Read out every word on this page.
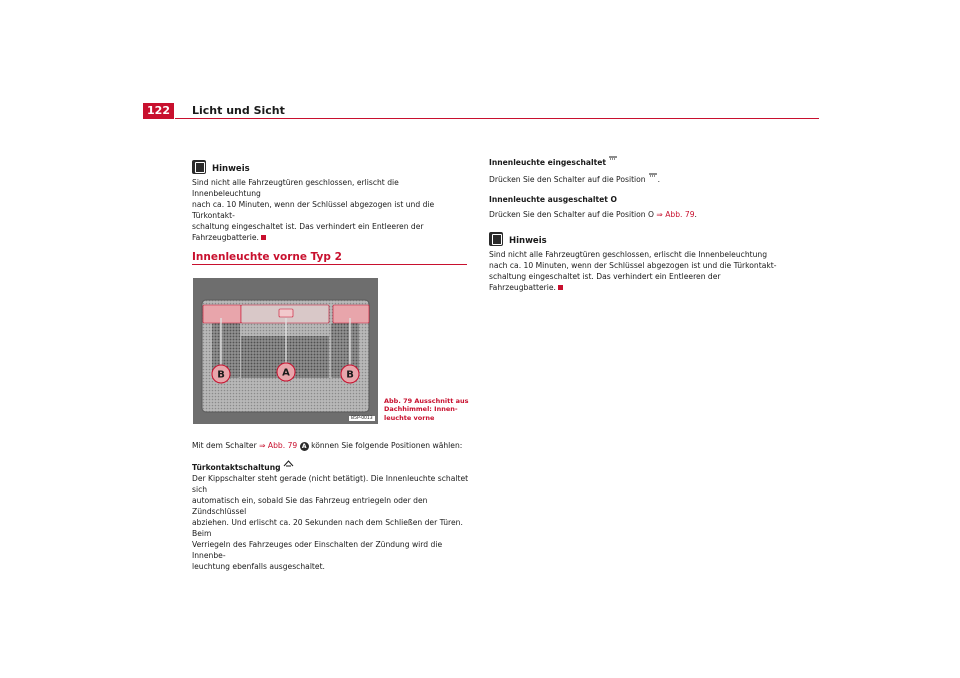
122	Licht und Sicht
Hinweis

Sind nicht alle Fahrzeugtüren geschlossen, erlischt die Innenbeleuchtung

nach ca. 10 Minuten, wenn der Schlüssel abgezogen ist und die Türkontakt-

schaltung eingeschaltet ist. Das verhindert ein Entleeren der

Fahrzeugbatterie.

Innenleuchte vorne Typ 2
B	A	B
B5P-0013
Abb. 79 Ausschnitt aus
Dachhimmel: Innen-
leuchte vorne

Mit dem Schalter ⇒ Abb. 79 A können Sie folgende Positionen wählen:

Türkontaktschaltung

Der Kippschalter steht gerade (nicht betätigt). Die Innenleuchte schaltet sich

automatisch ein, sobald Sie das Fahrzeug entriegeln oder den Zündschlüssel

abziehen. Und erlischt ca. 20 Sekunden nach dem Schließen der Türen. Beim

Verriegeln des Fahrzeuges oder Einschalten der Zündung wird die Innenbe-

leuchtung ebenfalls ausgeschaltet.

Innenleuchte eingeschaltet

Drücken Sie den Schalter auf die Position .

Innenleuchte ausgeschaltet O

Drücken Sie den Schalter auf die Position O ⇒ Abb. 79.

Hinweis

Sind nicht alle Fahrzeugtüren geschlossen, erlischt die Innenbeleuchtung

nach ca. 10 Minuten, wenn der Schlüssel abgezogen ist und die Türkontakt-

schaltung eingeschaltet ist. Das verhindert ein Entleeren der

Fahrzeugbatterie.
